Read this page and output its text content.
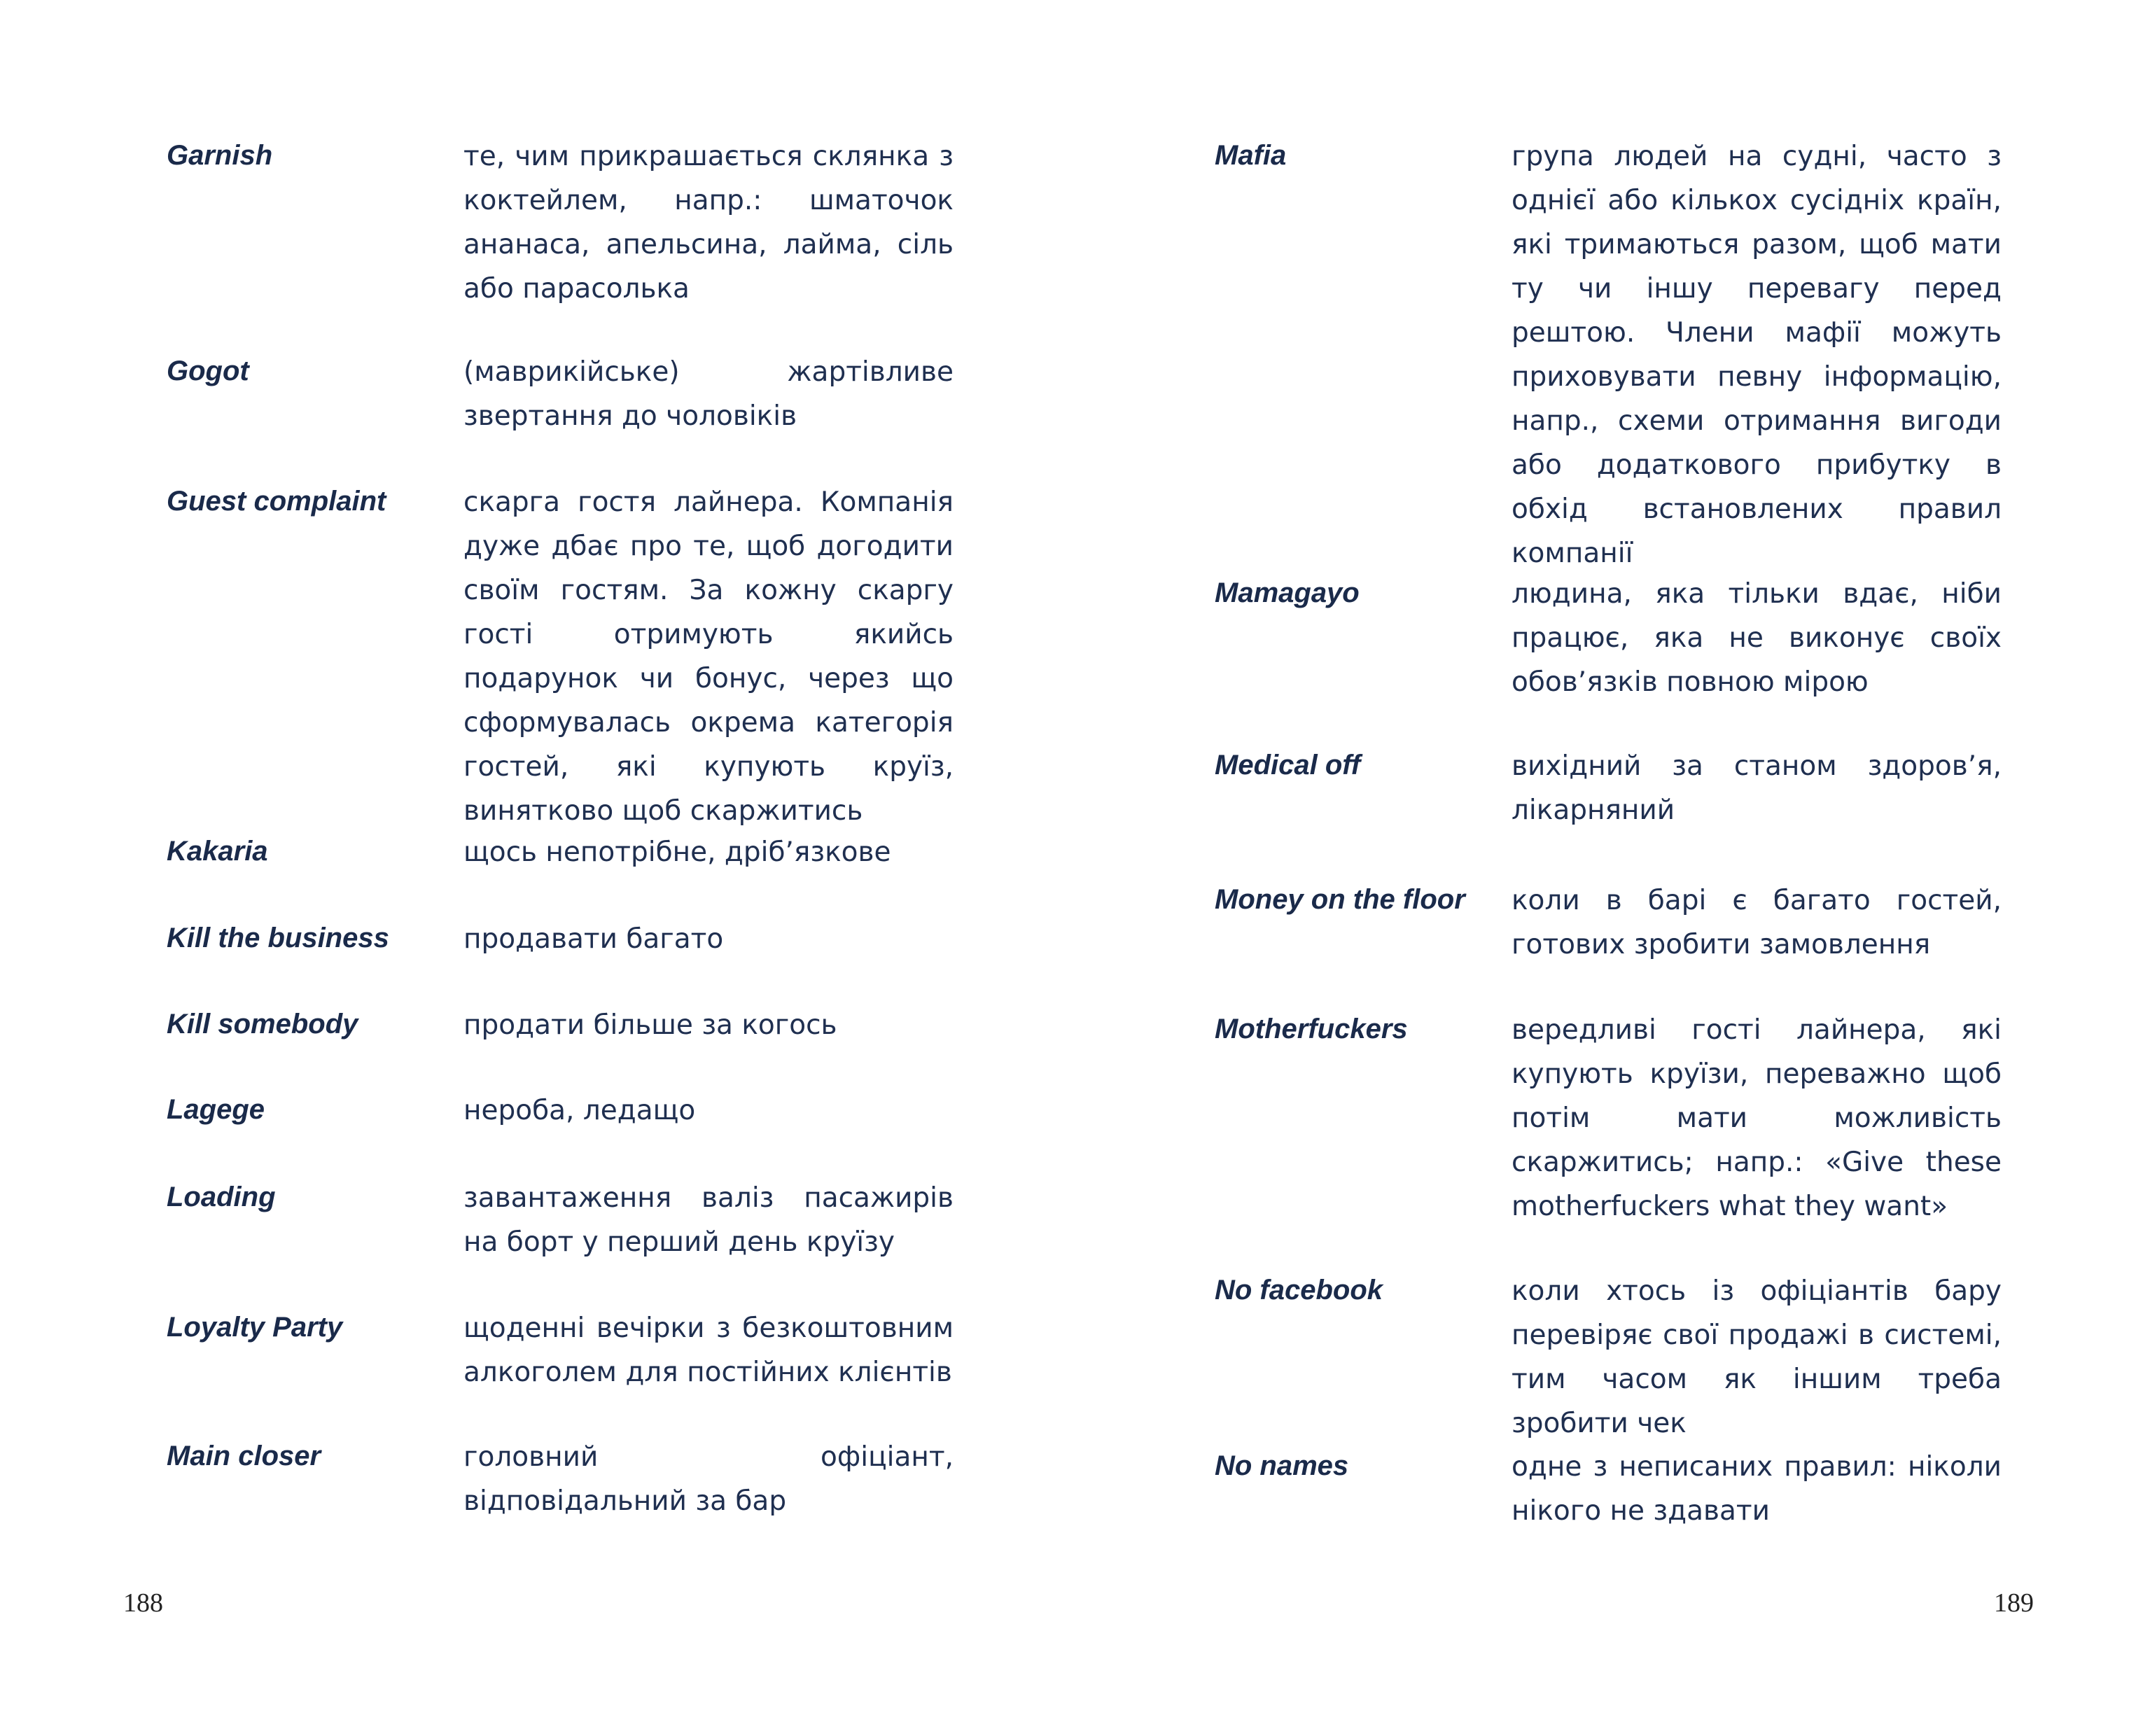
Garnish	те, чим прикрашається склянка з коктейлем, напр.: шматочок ананаса, апельсина, лайма, сіль або парасолька
Gogot	(маврикійське) жартівливе звертання до чоловіків
Guest complaint	скарга гостя лайнера. Компанія дуже дбає про те, щоб догодити своїм гостям. За кожну скаргу гості отримують якийсь подарунок чи бонус, через що сформувалась окрема категорія гостей, які купують круїз, винятково щоб скаржитись
Kakaria	щось непотрібне, дріб’язкове
Kill the business	продавати багато
Kill somebody	продати більше за когось
Lagege	нероба, ледащо
Loading	завантаження валіз пасажирів на борт у перший день круїзу
Loyalty Party	щоденні вечірки з безкоштовним алкоголем для постійних клієнтів
Main closer	головний офіціант, відповідальний за бар
188
Mafia	група людей на судні, часто з однієї або кількох сусідніх країн, які тримаються разом, щоб мати ту чи іншу перевагу перед рештою. Члени мафії можуть приховувати певну інформацію, напр., схеми отримання вигоди або додаткового прибутку в обхід встановлених правил компанії
Mamagayo	людина, яка тільки вдає, ніби працює, яка не виконує своїх обов’язків повною мірою
Medical off	вихідний за станом здоров’я, лікарняний
Money on the floor коли в барі є багато гостей, готових зробити замовлення
Motherfuckers	вередливі гості лайнера, які купують круїзи, переважно щоб потім мати можливість скаржитись; напр.: «Give these motherfuckers what they want»
No facebook	коли хтось із офіціантів бару перевіряє свої продажі в системі, тим часом як іншим треба зробити чек
No names	одне з неписаних правил: ніколи нікого не здавати
189
